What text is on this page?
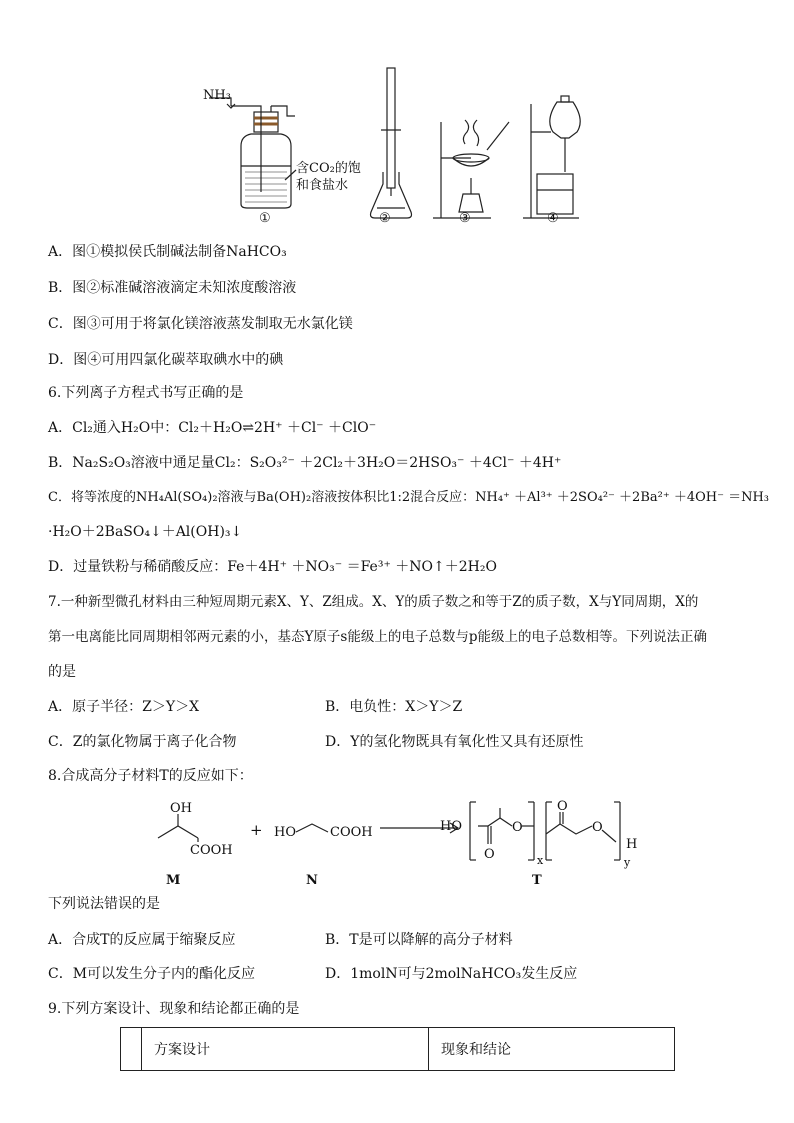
NH₃
含CO₂的饱
和食盐水
①	②	③	④
A．图①模拟侯氏制碱法制备NaHCO₃
B．图②标准碱溶液滴定未知浓度酸溶液
C．图③可用于将氯化镁溶液蒸发制取无水氯化镁
D．图④可用四氯化碳萃取碘水中的碘
6.下列离子方程式书写正确的是
A．Cl₂通入H₂O中：Cl₂＋H₂O⇌2H⁺ ＋Cl⁻ ＋ClO⁻
B．Na₂S₂O₃溶液中通足量Cl₂：S₂O₃²⁻ ＋2Cl₂＋3H₂O＝2HSO₃⁻ ＋4Cl⁻ ＋4H⁺
C．将等浓度的NH₄Al(SO₄)₂溶液与Ba(OH)₂溶液按体积比1:2混合反应：NH₄⁺ ＋Al³⁺ ＋2SO₄²⁻ ＋2Ba²⁺ ＋4OH⁻ ＝NH₃
·H₂O＋2BaSO₄↓＋Al(OH)₃↓
D．过量铁粉与稀硝酸反应：Fe＋4H⁺ ＋NO₃⁻ ＝Fe³⁺ ＋NO↑＋2H₂O
7.一种新型微孔材料由三种短周期元素X、Y、Z组成。X、Y的质子数之和等于Z的质子数，X与Y同周期，X的
第一电离能比同周期相邻两元素的小，基态Y原子s能级上的电子总数与p能级上的电子总数相等。下列说法正确
的是
A．原子半径：Z＞Y＞X	B．电负性：X＞Y＞Z
C．Z的氯化物属于离子化合物	D．Y的氢化物既具有氧化性又具有还原性
8.合成高分子材料T的反应如下：
OH
COOH
M
+ HO	COOH
N
HO
O
O
x
O
O
H
y
T
下列说法错误的是
A．合成T的反应属于缩聚反应	B．T是可以降解的高分子材料
C．M可以发生分子内的酯化反应	D．1molN可与2molNaHCO₃发生反应
9.下列方案设计、现象和结论都正确的是
	方案设计	现象和结论
